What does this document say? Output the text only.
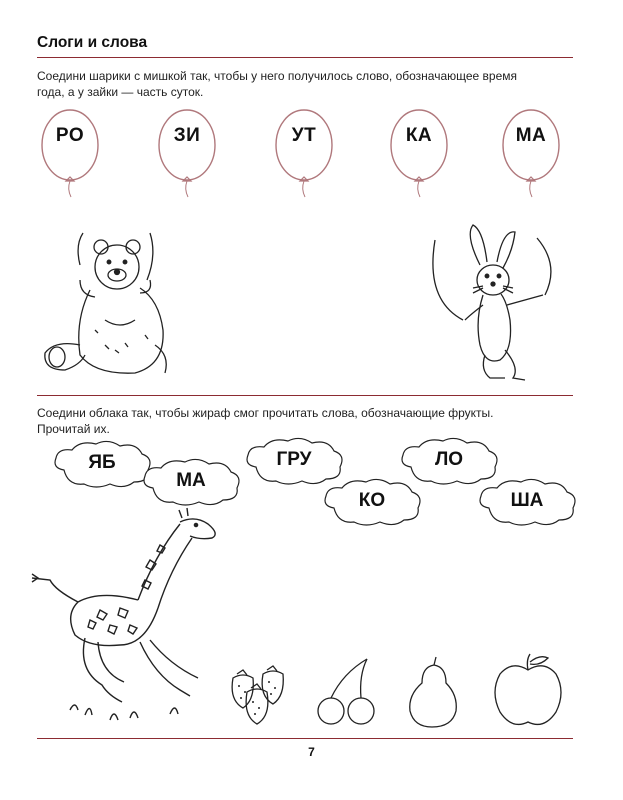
Слоги и слова
Соедини шарики с мишкой так, чтобы у него получилось слово, обозначающее время
года, а у зайки — часть суток.
РО	ЗИ	УТ	КА	МА
Соедини облака так, чтобы жираф смог прочитать слова, обозначающие фрукты.
Прочитай их.
ЯБ
МА
ГРУ
КО
ЛО
ША
7
